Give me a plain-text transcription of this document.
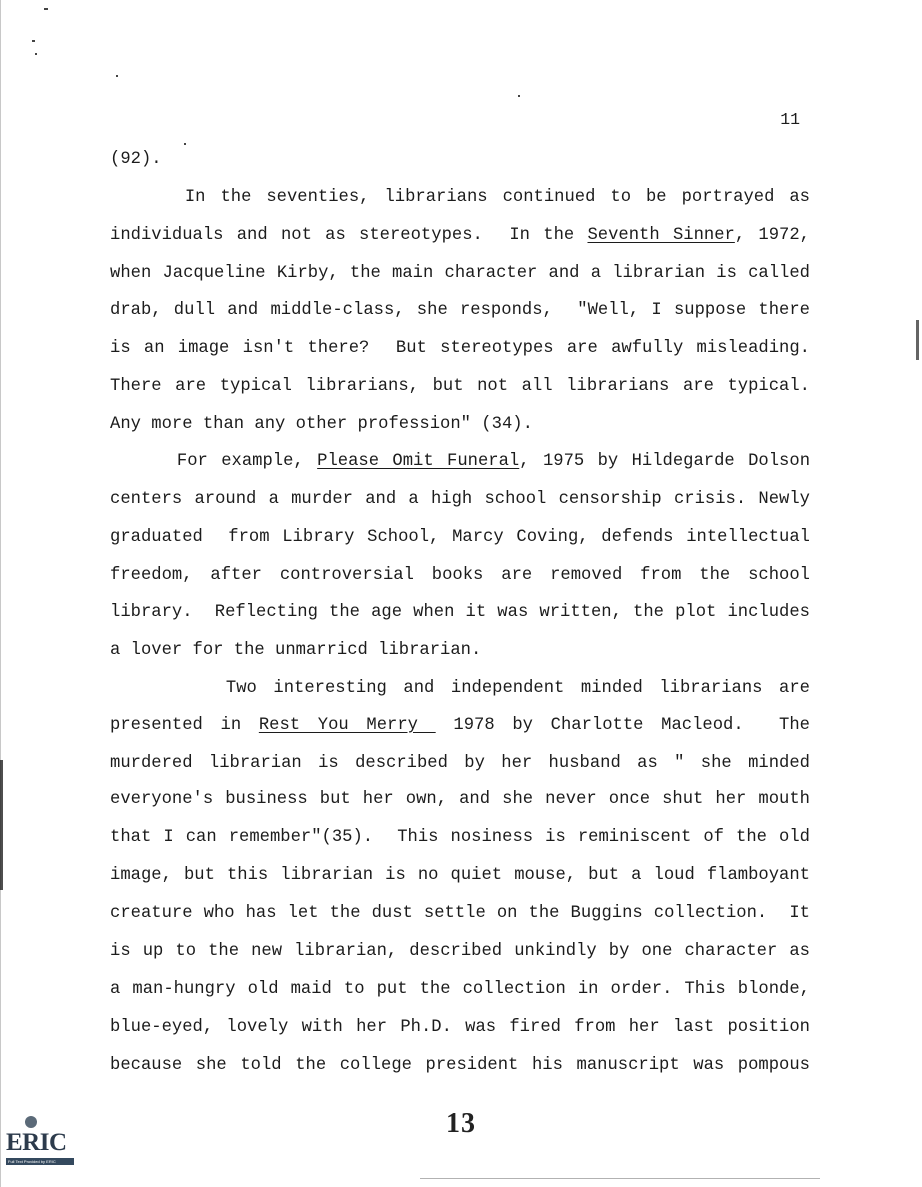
11
(92).
In the seventies, librarians continued to be portrayed as
individuals and not as stereotypes.  In the Seventh Sinner, 1972,
when Jacqueline Kirby, the main character and a librarian is called
drab, dull and middle-class, she responds,  "Well, I suppose there
is an image isn't there?  But stereotypes are awfully misleading.
There are typical librarians, but not all librarians are typical.
Any more than any other profession" (34).
For example, Please Omit Funeral, 1975 by Hildegarde Dolson
centers around a murder and a high school censorship crisis. Newly
graduated  from Library School, Marcy Coving, defends intellectual
freedom, after controversial books are removed from the school
library.  Reflecting the age when it was written, the plot includes
a lover for the unmarricd librarian.
Two interesting and independent minded librarians are
presented in Rest You Merry  1978 by Charlotte Macleod.  The
murdered librarian is described by her husband as " she minded
everyone's business but her own, and she never once shut her mouth
that I can remember"(35).  This nosiness is reminiscent of the old
image, but this librarian is no quiet mouse, but a loud flamboyant
creature who has let the dust settle on the Buggins collection.  It
is up to the new librarian, described unkindly by one character as
a man-hungry old maid to put the collection in order. This blonde,
blue-eyed, lovely with her Ph.D. was fired from her last position
because she told the college president his manuscript was pompous
13
ERIC
Full Text Provided by ERIC
